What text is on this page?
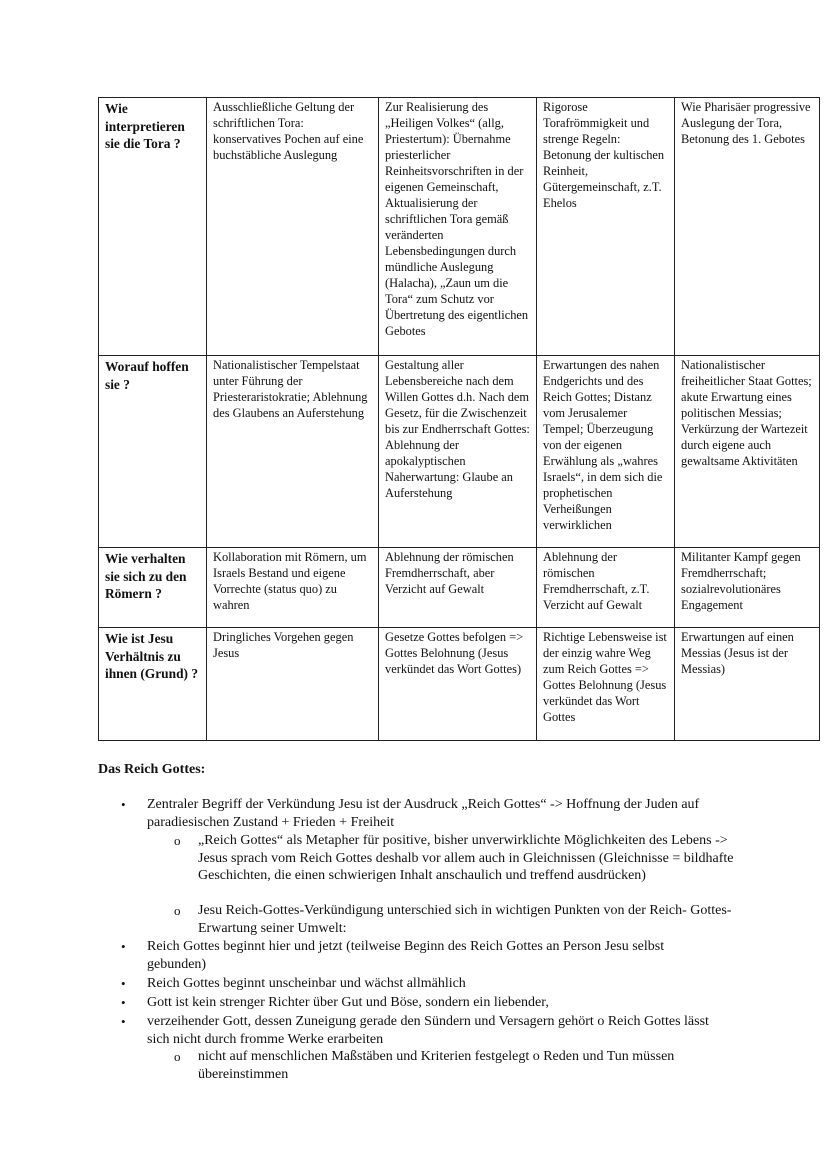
Wie interpretieren sie die Tora ?	Ausschließliche Geltung der schriftlichen Tora: konservatives Pochen auf eine buchstäbliche Auslegung	Zur Realisierung des „Heiligen Volkes“ (allg, Priestertum): Übernahme priesterlicher Reinheitsvorschriften in der eigenen Gemeinschaft, Aktualisierung der schriftlichen Tora gemäß veränderten Lebensbedingungen durch mündliche Auslegung (Halacha), „Zaun um die Tora“ zum Schutz vor Übertretung des eigentlichen Gebotes	Rigorose Torafrömmigkeit und strenge Regeln: Betonung der kultischen Reinheit, Gütergemeinschaft, z.T. Ehelos	Wie Pharisäer progressive Auslegung der Tora, Betonung des 1. Gebotes
Worauf hoffen sie ?	Nationalistischer Tempelstaat unter Führung der Priesteraristokratie; Ablehnung des Glaubens an Auferstehung	Gestaltung aller Lebensbereiche nach dem Willen Gottes d.h. Nach dem Gesetz, für die Zwischenzeit bis zur Endherrschaft Gottes: Ablehnung der apokalyptischen Naherwartung: Glaube an Auferstehung	Erwartungen des nahen Endgerichts und des Reich Gottes; Distanz vom Jerusalemer Tempel; Überzeugung von der eigenen Erwählung als „wahres Israels“, in dem sich die prophetischen Verheißungen verwirklichen	Nationalistischer freiheitlicher Staat Gottes; akute Erwartung eines politischen Messias; Verkürzung der Wartezeit durch eigene auch gewaltsame Aktivitäten
Wie verhalten sie sich zu den Römern ?	Kollaboration mit Römern, um Israels Bestand und eigene Vorrechte (status quo) zu wahren	Ablehnung der römischen Fremdherrschaft, aber Verzicht auf Gewalt	Ablehnung der römischen Fremdherrschaft, z.T. Verzicht auf Gewalt	Militanter Kampf gegen Fremdherrschaft; sozialrevolutionäres Engagement
Wie ist Jesu Verhältnis zu ihnen (Grund) ?	Dringliches Vorgehen gegen Jesus	Gesetze Gottes befolgen => Gottes Belohnung (Jesus verkündet das Wort Gottes)	Richtige Lebensweise ist der einzig wahre Weg zum Reich Gottes => Gottes Belohnung (Jesus verkündet das Wort Gottes	Erwartungen auf einen Messias (Jesus ist der Messias)
Das Reich Gottes:
• Zentraler Begriff der Verkündung Jesu ist der Ausdruck „Reich Gottes“ -> Hoffnung der Juden auf paradiesischen Zustand + Frieden + Freiheit
o „Reich Gottes“ als Metapher für positive, bisher unverwirklichte Möglichkeiten des Lebens -> Jesus sprach vom Reich Gottes deshalb vor allem auch in Gleichnissen (Gleichnisse = bildhafte Geschichten, die einen schwierigen Inhalt anschaulich und treffend ausdrücken)
o Jesu Reich-Gottes-Verkündigung unterschied sich in wichtigen Punkten von der Reich- Gottes-Erwartung seiner Umwelt:
• Reich Gottes beginnt hier und jetzt (teilweise Beginn des Reich Gottes an Person Jesu selbst gebunden)
• Reich Gottes beginnt unscheinbar und wächst allmählich
• Gott ist kein strenger Richter über Gut und Böse, sondern ein liebender,
• verzeihender Gott, dessen Zuneigung gerade den Sündern und Versagern gehört o Reich Gottes lässt sich nicht durch fromme Werke erarbeiten
o nicht auf menschlichen Maßstäben und Kriterien festgelegt o Reden und Tun müssen übereinstimmen
